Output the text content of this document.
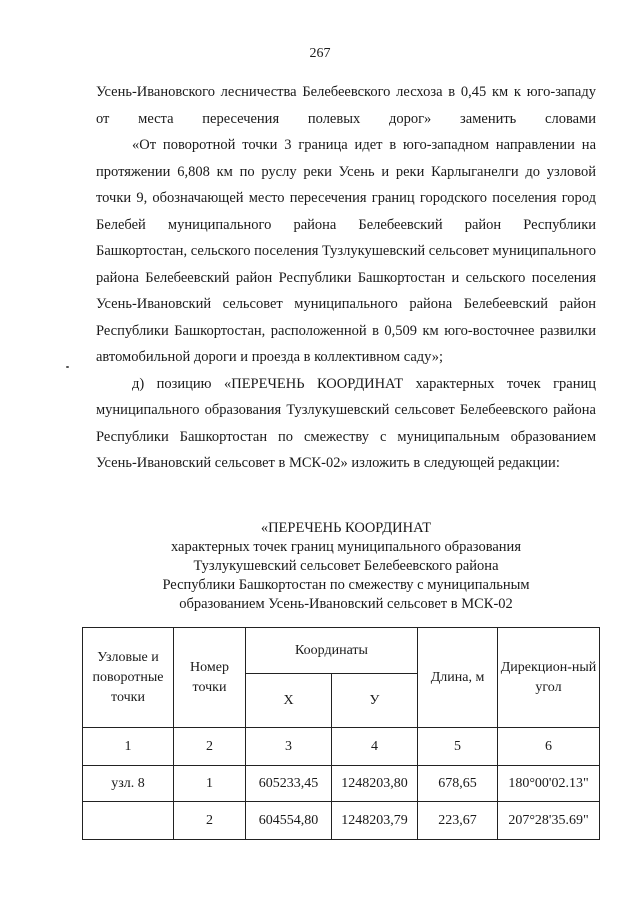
267

Усень-Ивановского лесничества Белебеевского лесхоза в 0,45 км к юго-западу от места пересечения полевых дорог» заменить словами

«От поворотной точки 3 граница идет в юго-западном направлении на протяжении 6,808 км по руслу реки Усень и реки Карлыганелги до узловой точки 9, обозначающей место пересечения границ городского поселения город Белебей муниципального района Белебеевский район Республики Башкортостан, сельского поселения Тузлукушевский сельсовет муниципального района Белебеевский район Республики Башкортостан и сельского поселения Усень-Ивановский сельсовет муниципального района Белебеевский район Республики Башкортостан, расположенной в 0,509 км юго-восточнее развилки автомобильной дороги и проезда в коллективном саду»;

д) позицию «ПЕРЕЧЕНЬ КООРДИНАТ характерных точек границ муниципального образования Тузлукушевский сельсовет Белебеевского района Республики Башкортостан по смежеству с муниципальным образованием Усень-Ивановский сельсовет в МСК-02» изложить в следующей редакции:

«ПЕРЕЧЕНЬ КООРДИНАТ
характерных точек границ муниципального образования
Тузлукушевский сельсовет Белебеевского района
Республики Башкортостан по смежеству с муниципальным
образованием Усень-Ивановский сельсовет в МСК-02
Узловые и поворотные точки	Номер точки	Координаты		Длина, м	Дирекцион-ный угол
		Х	У		
1	2	3	4	5	6
узл. 8	1	605233,45	1248203,80	678,65	180°00'02.13"
	2	604554,80	1248203,79	223,67	207°28'35.69"
